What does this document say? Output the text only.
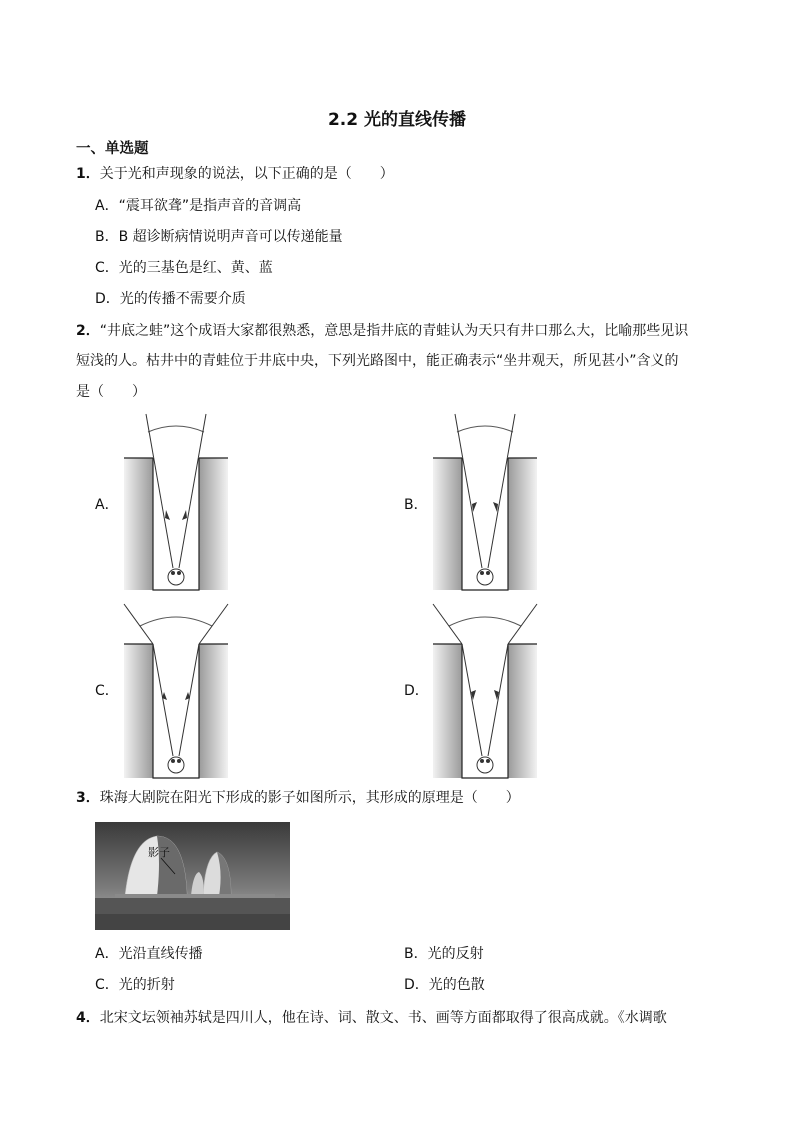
2.2 光的直线传播
一、单选题
1．关于光和声现象的说法，以下正确的是（　　）
A．“震耳欲聋”是指声音的音调高
B．B 超诊断病情说明声音可以传递能量
C．光的三基色是红、黄、蓝
D．光的传播不需要介质
2．“井底之蛙”这个成语大家都很熟悉，意思是指井底的青蛙认为天只有井口那么大，比喻那些见识
短浅的人。枯井中的青蛙位于井底中央，下列光路图中，能正确表示“坐井观天，所见甚小”含义的
是（　　）
A．	B．
C．	D．
3．珠海大剧院在阳光下形成的影子如图所示，其形成的原理是（　　）
影子
A．光沿直线传播	B．光的反射
C．光的折射	D．光的色散
4．北宋文坛领袖苏轼是四川人，他在诗、词、散文、书、画等方面都取得了很高成就。《水调歌
